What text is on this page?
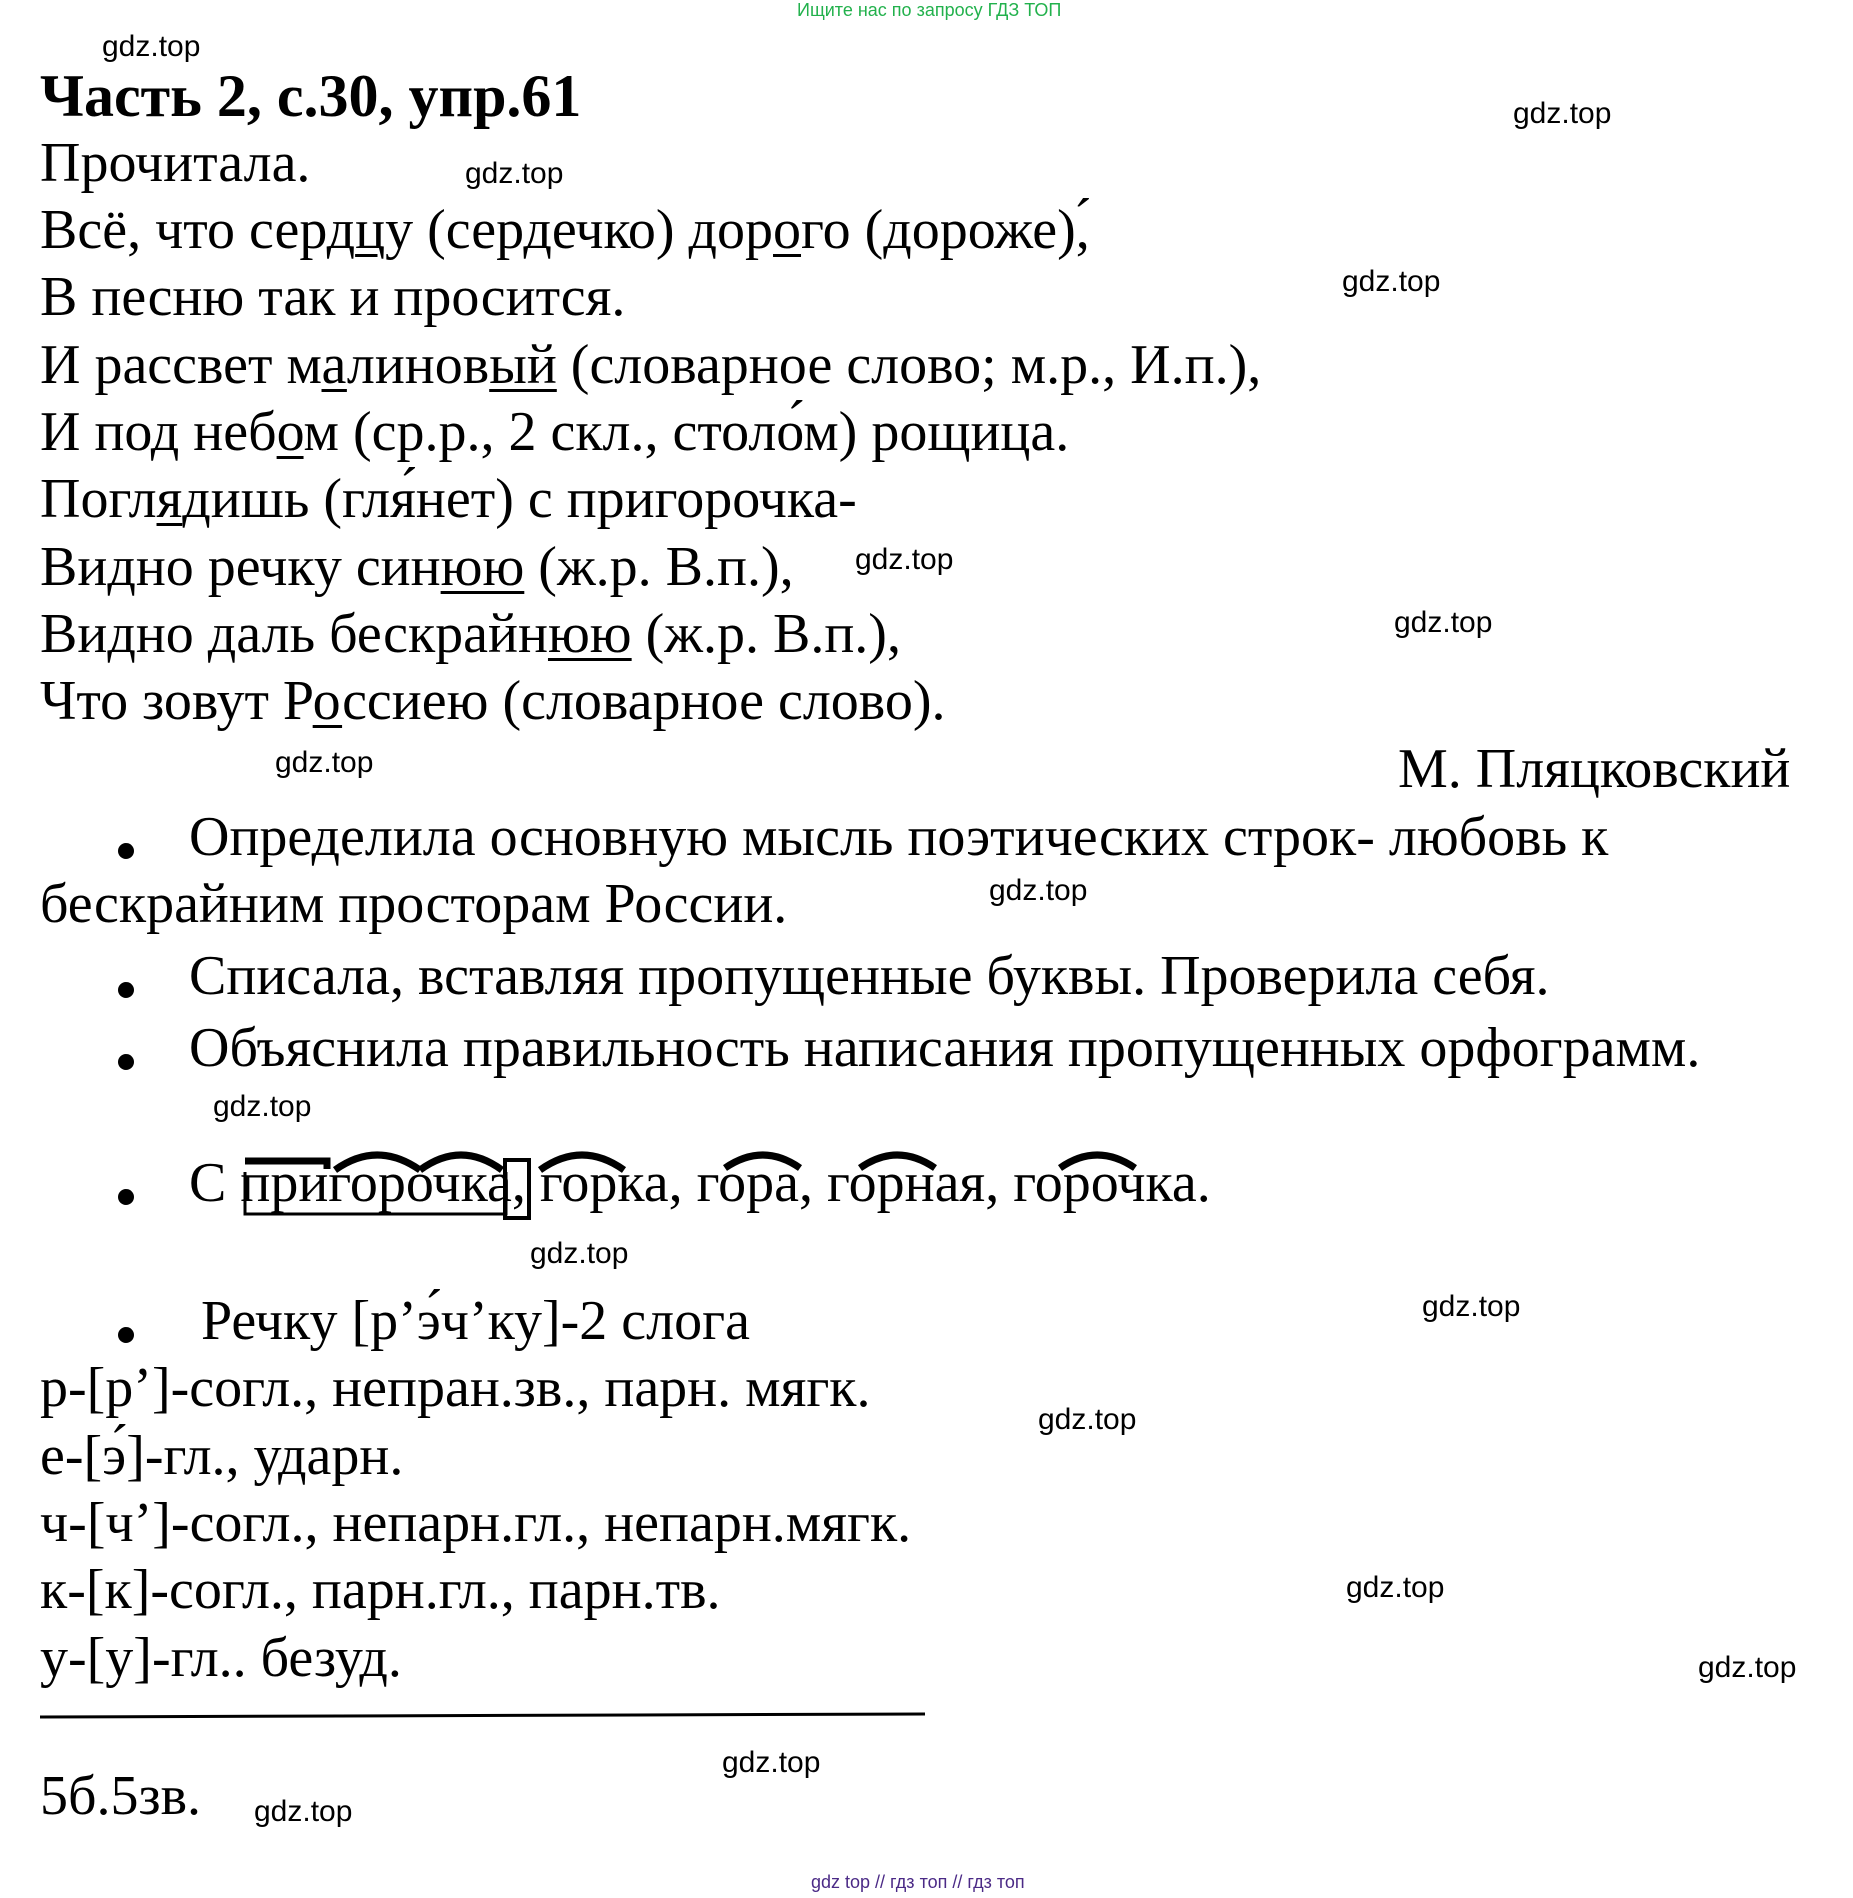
Ищите нас по запросу ГДЗ ТОП
Часть 2, с.30, упр.61
Прочитала.
Всё, что сердцу (сердечко) дорого (дороже), ́
В песню так и просится.
И рассвет малиновый (словарное слово; м.р., И.п.),
И под небом (ср.р., 2 скл., столо ́м) рощица.
Поглядишь (гля ́нет) с пригорочка-
Видно речку синюю (ж.р. В.п.),
Видно даль бескрайнюю (ж.р. В.п.),
Что зовут Россиею (словарное слово).
М. Пляцковский
Определила основную мысль поэтических строк- любовь к
бескрайним просторам России.
Списала, вставляя пропущенные буквы. Проверила себя.
Объяснила правильность написания пропущенных орфограмм.
С пригорочка, горка, гора, горная, горочка.
Речку [р’э́ч’ку]-2 слога
р-[р’]-согл., непран.зв., парн. мягк.
е-[э́]-гл., ударн.
ч-[ч’]-согл., непарн.гл., непарн.мягк.
к-[к]-согл., парн.гл., парн.тв.
у-[у]-гл.. безуд.
5б.5зв.
gdz.top
gdz.top
gdz.top
gdz.top
gdz.top
gdz.top
gdz.top
gdz.top
gdz.top
gdz.top
gdz.top
gdz.top
gdz.top
gdz.top
gdz.top
gdz.top
gdz top // гдз топ // гдз топ
